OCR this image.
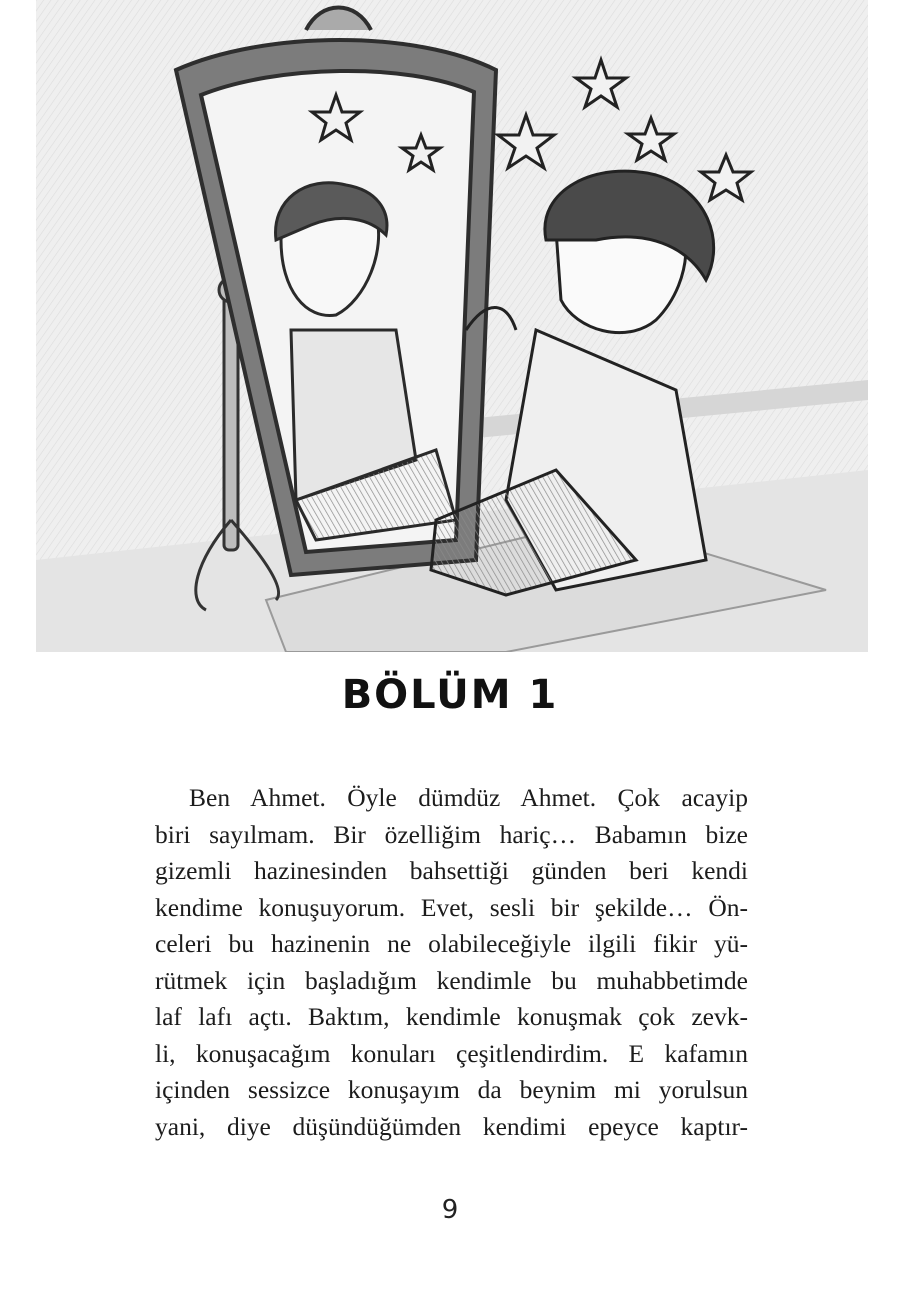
BÖLÜM 1
Ben Ahmet. Öyle dümdüz Ahmet. Çok acayip
biri sayılmam. Bir özelliğim hariç… Babamın bize
gizemli hazinesinden bahsettiği günden beri kendi
kendime konuşuyorum. Evet, sesli bir şekilde… Ön-
celeri bu hazinenin ne olabileceğiyle ilgili fikir yü-
rütmek için başladığım kendimle bu muhabbetimde
laf lafı açtı. Baktım, kendimle konuşmak çok zevk-
li, konuşacağım konuları çeşitlendirdim. E kafamın
içinden sessizce konuşayım da beynim mi yorulsun
yani, diye düşündüğümden kendimi epeyce kaptır-
9
